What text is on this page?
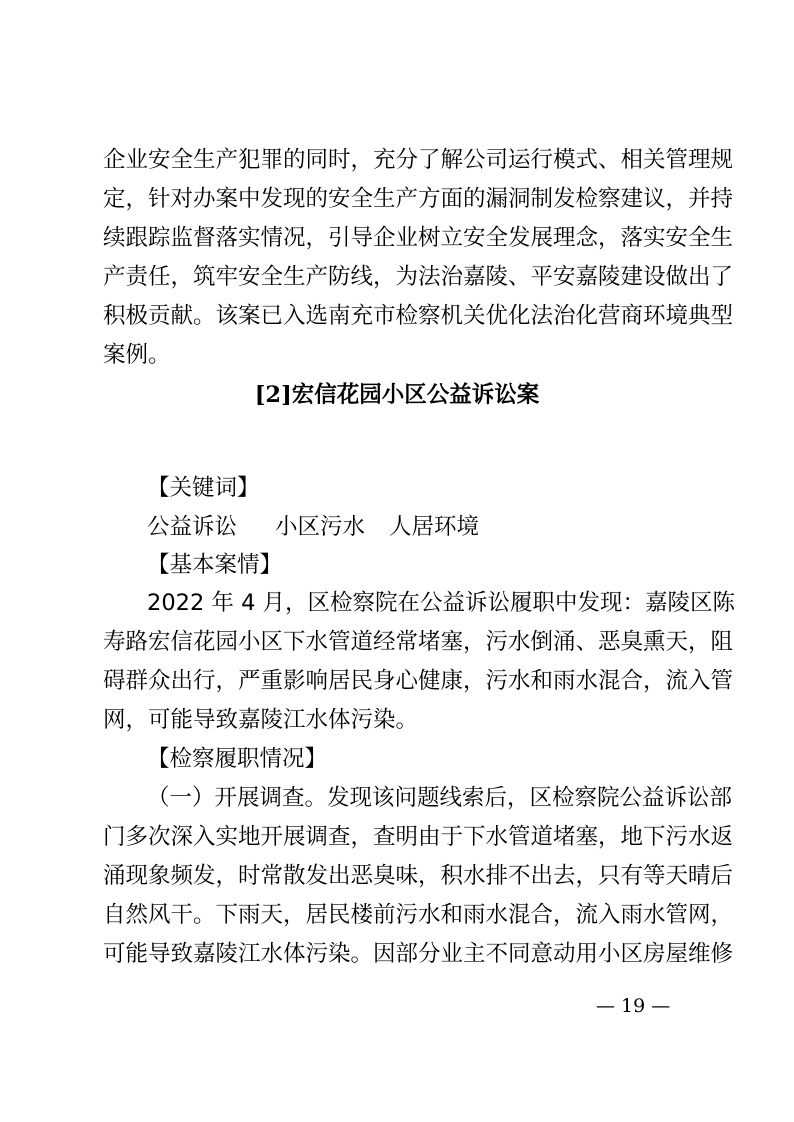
企业安全生产犯罪的同时，充分了解公司运行模式、相关管理规
定，针对办案中发现的安全生产方面的漏洞制发检察建议，并持
续跟踪监督落实情况，引导企业树立安全发展理念，落实安全生
产责任，筑牢安全生产防线，为法治嘉陵、平安嘉陵建设做出了
积极贡献。该案已入选南充市检察机关优化法治化营商环境典型
案例。
[2]宏信花园小区公益诉讼案
【关键词】
公益诉讼 小区污水 人居环境
【基本案情】
2022 年 4 月，区检察院在公益诉讼履职中发现：嘉陵区陈
寿路宏信花园小区下水管道经常堵塞，污水倒涌、恶臭熏天，阻
碍群众出行，严重影响居民身心健康，污水和雨水混合，流入管
网，可能导致嘉陵江水体污染。
【检察履职情况】
（一）开展调查。发现该问题线索后，区检察院公益诉讼部
门多次深入实地开展调查，查明由于下水管道堵塞，地下污水返
涌现象频发，时常散发出恶臭味，积水排不出去，只有等天晴后
自然风干。下雨天，居民楼前污水和雨水混合，流入雨水管网，
可能导致嘉陵江水体污染。因部分业主不同意动用小区房屋维修
— 19 —
